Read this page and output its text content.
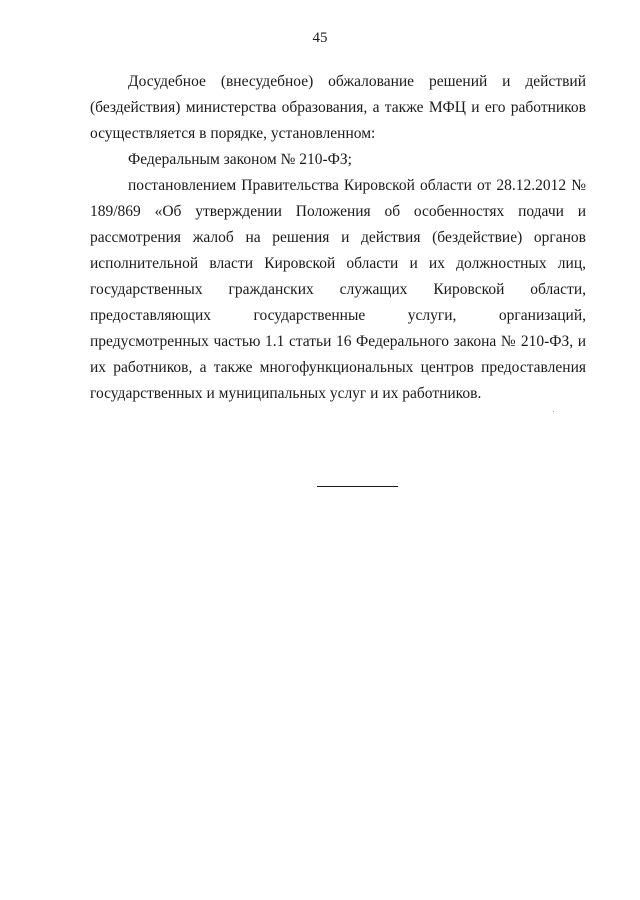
45

Досудебное (внесудебное) обжалование решений и действий (бездействия) министерства образования, а также МФЦ и его работников осуществляется в порядке, установленном:

Федеральным законом № 210-ФЗ;

постановлением Правительства Кировской области от 28.12.2012 № 189/869 «Об утверждении Положения об особенностях подачи и рассмотрения жалоб на решения и действия (бездействие) органов исполнительной власти Кировской области и их должностных лиц, государственных гражданских служащих Кировской области, предоставляющих государственные услуги, организаций, предусмотренных частью 1.1 статьи 16 Федерального закона № 210-ФЗ, и их работников, а также многофункциональных центров предоставления государственных и муниципальных услуг и их работников.
